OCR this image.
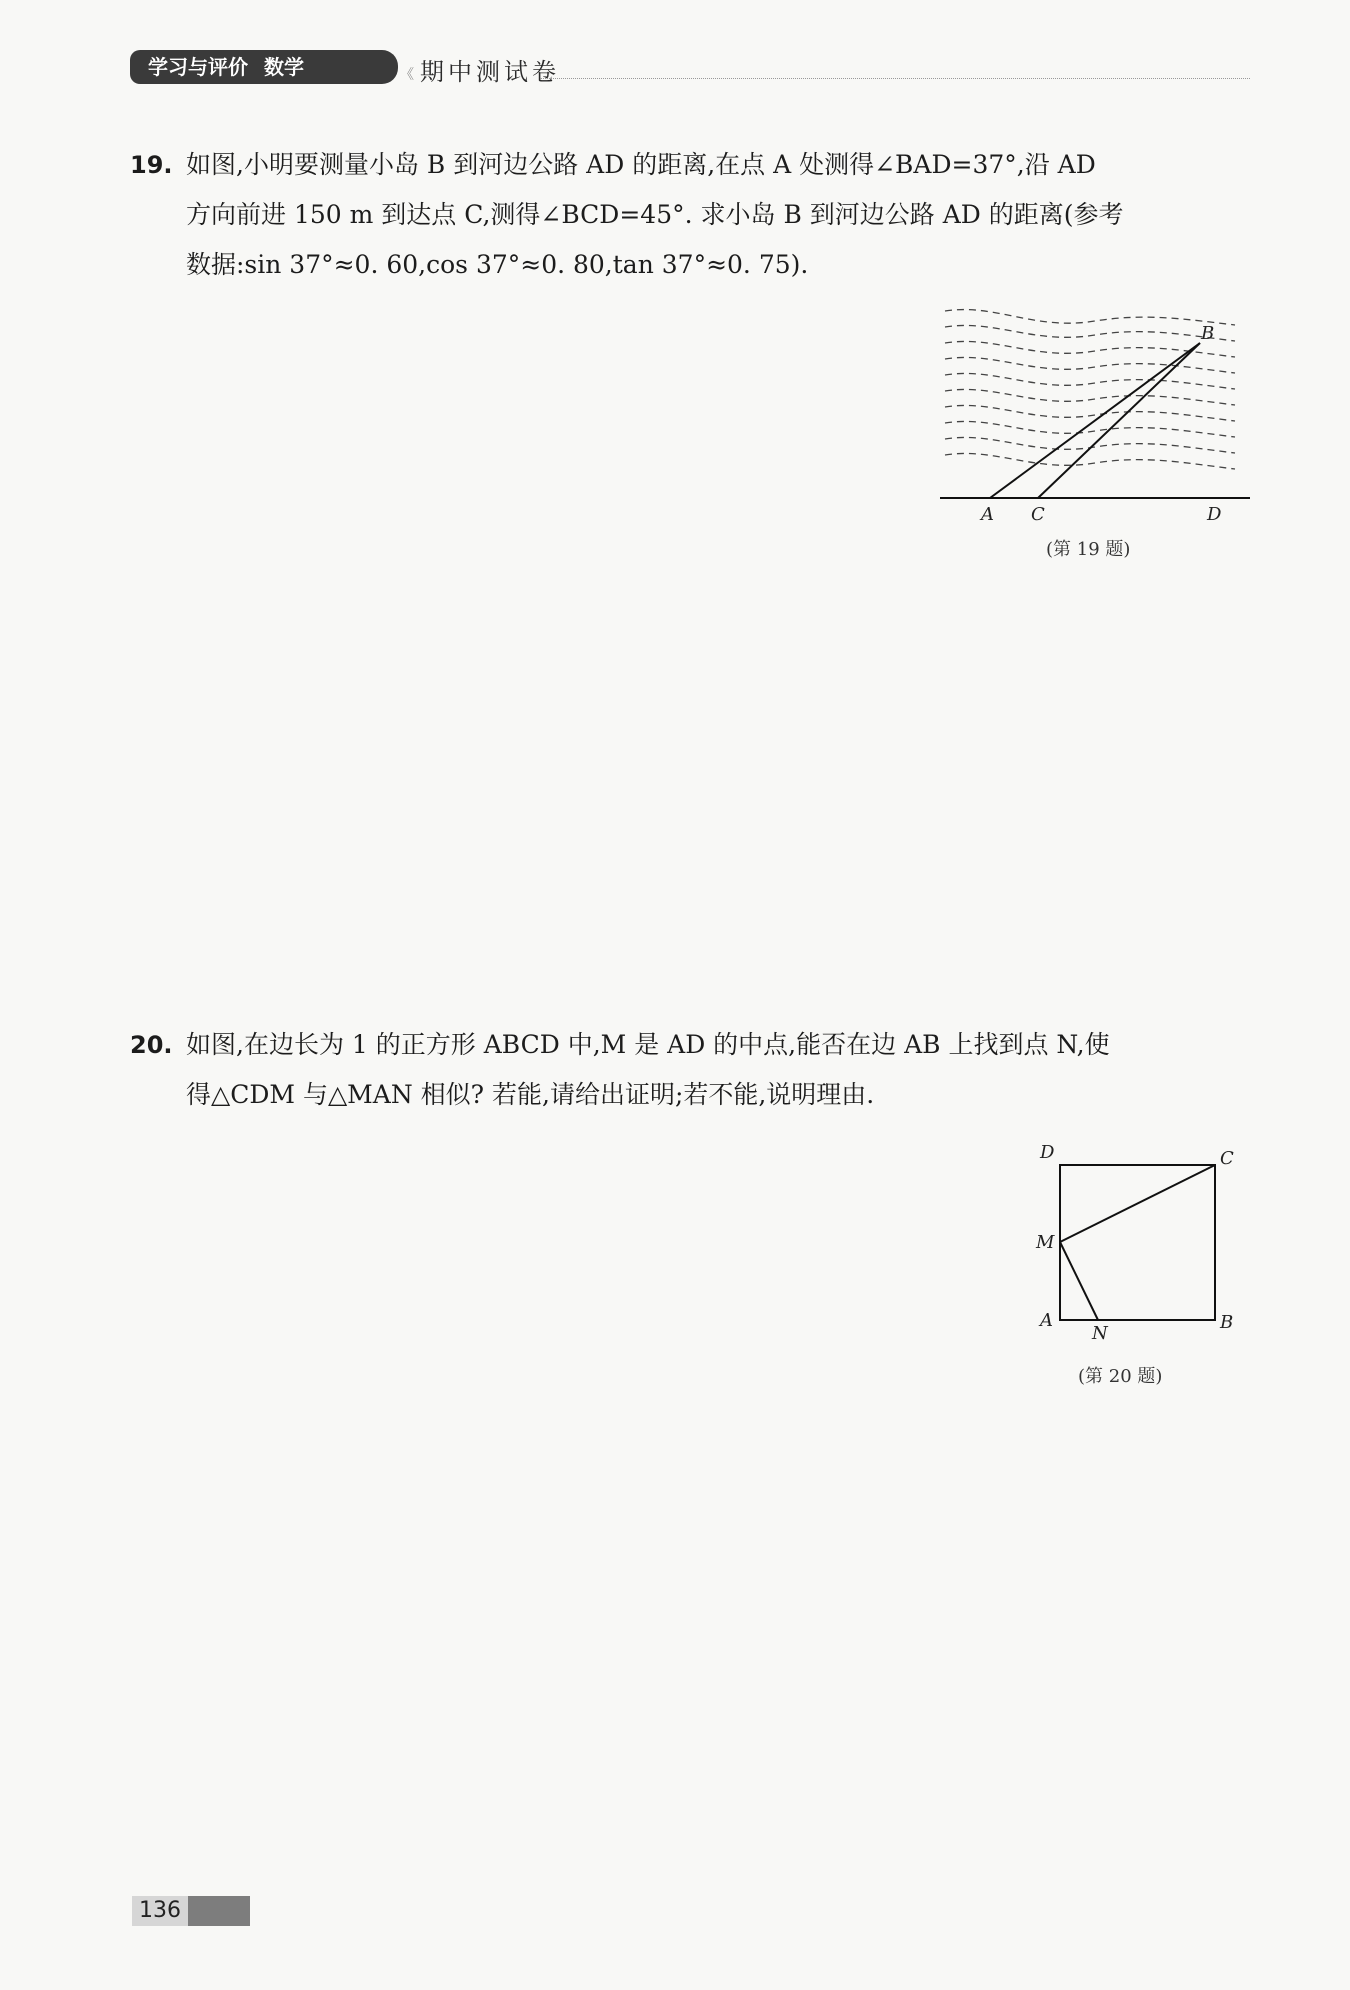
学习与评价 数学	《 期中测试卷
19. 如图,小明要测量小岛 B 到河边公路 AD 的距离,在点 A 处测得∠BAD=37°,沿 AD
方向前进 150 m 到达点 C,测得∠BCD=45°. 求小岛 B 到河边公路 AD 的距离(参考
数据:sin 37°≈0. 60,cos 37°≈0. 80,tan 37°≈0. 75).
A C	D
B
(第 19 题)
20. 如图,在边长为 1 的正方形 ABCD 中,M 是 AD 的中点,能否在边 AB 上找到点 N,使
得△CDM 与△MAN 相似? 若能,请给出证明;若不能,说明理由.
D	C
M
A
N
B
(第 20 题)
136
